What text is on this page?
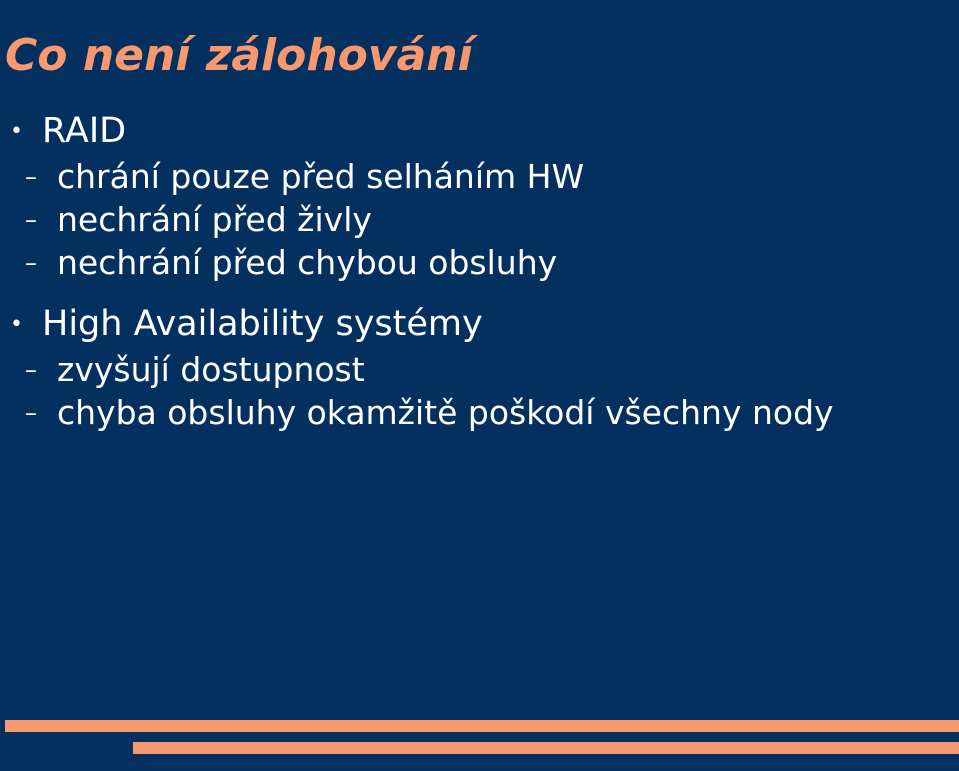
Co není zálohování
• RAID
– chrání pouze před selháním HW
– nechrání před živly
– nechrání před chybou obsluhy
• High Availability systémy
– zvyšují dostupnost
– chyba obsluhy okamžitě poškodí všechny nody
